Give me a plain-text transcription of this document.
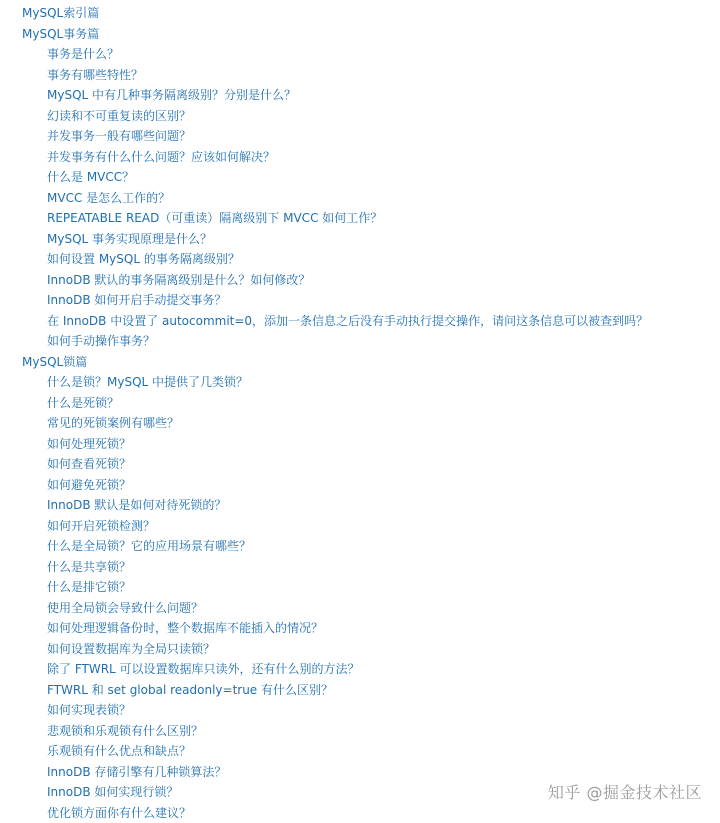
MySQL索引篇
MySQL事务篇
事务是什么？
事务有哪些特性？
MySQL 中有几种事务隔离级别？分别是什么？
幻读和不可重复读的区别？
并发事务一般有哪些问题？
并发事务有什么什么问题？应该如何解决？
什么是 MVCC？
MVCC 是怎么工作的？
REPEATABLE READ（可重读）隔离级别下 MVCC 如何工作？
MySQL 事务实现原理是什么？
如何设置 MySQL 的事务隔离级别？
InnoDB 默认的事务隔离级别是什么？如何修改？
InnoDB 如何开启手动提交事务？
在 InnoDB 中设置了 autocommit=0，添加一条信息之后没有手动执行提交操作，请问这条信息可以被查到吗？
如何手动操作事务？
MySQL锁篇
什么是锁？MySQL 中提供了几类锁？
什么是死锁？
常见的死锁案例有哪些？
如何处理死锁？
如何查看死锁？
如何避免死锁？
InnoDB 默认是如何对待死锁的？
如何开启死锁检测？
什么是全局锁？它的应用场景有哪些？
什么是共享锁？
什么是排它锁？
使用全局锁会导致什么问题？
如何处理逻辑备份时，整个数据库不能插入的情况？
如何设置数据库为全局只读锁？
除了 FTWRL 可以设置数据库只读外，还有什么别的方法？
FTWRL 和 set global readonly=true 有什么区别？
如何实现表锁？
悲观锁和乐观锁有什么区别？
乐观锁有什么优点和缺点？
InnoDB 存储引擎有几种锁算法？
InnoDB 如何实现行锁？
优化锁方面你有什么建议？
知乎 @掘金技术社区
